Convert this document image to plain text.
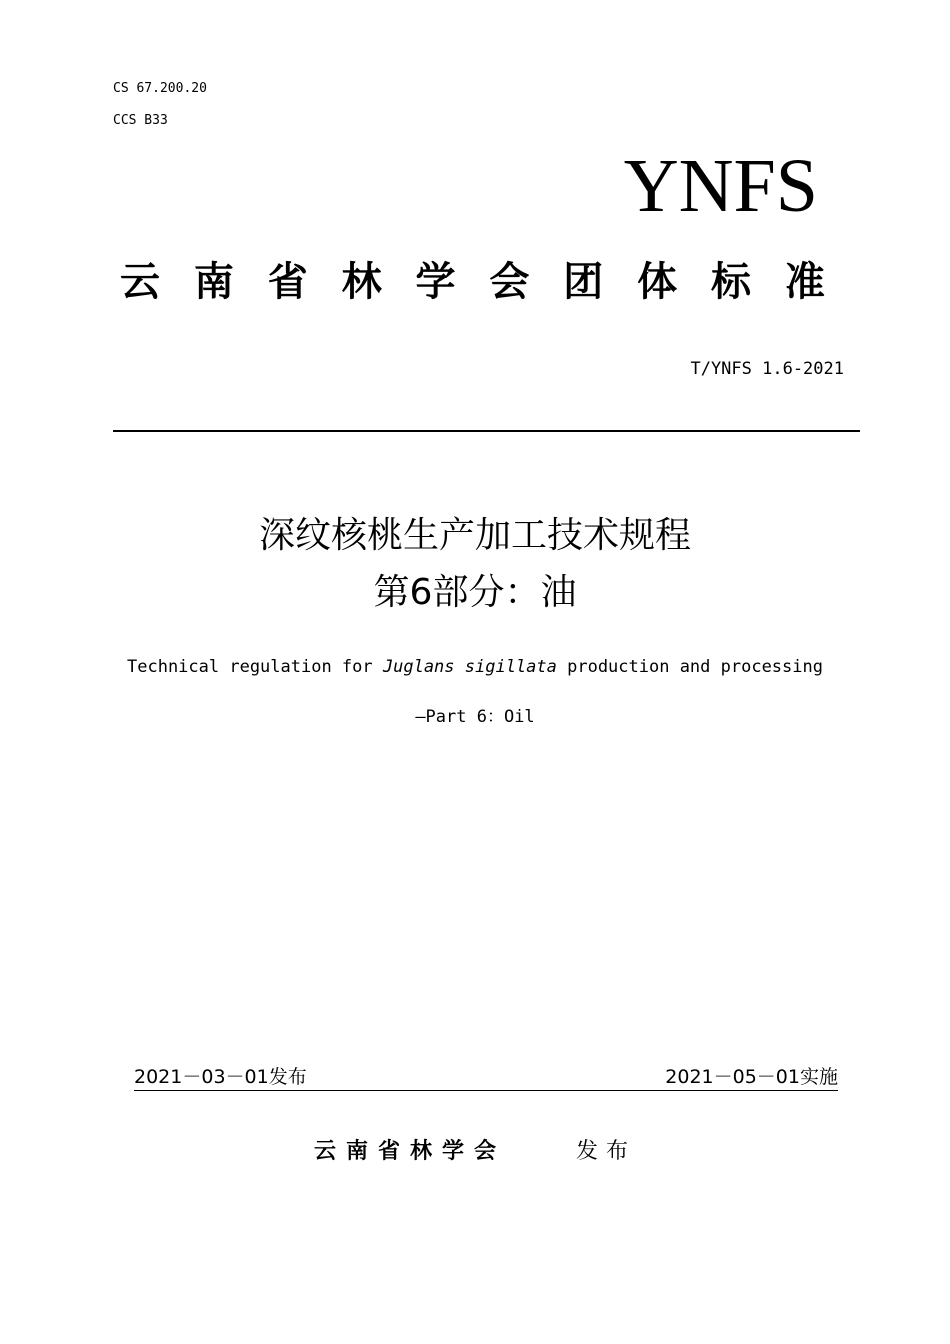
CS 67.200.20
CCS B33
YNFS
云 南 省 林 学 会 团 体 标 准
T/YNFS 1.6-2021
深纹核桃生产加工技术规程
第6部分：油
Technical regulation for Juglans sigillata production and processing
—Part 6：Oil
2021－03－01发布	2021－05－01实施
云南省林学会	发布
